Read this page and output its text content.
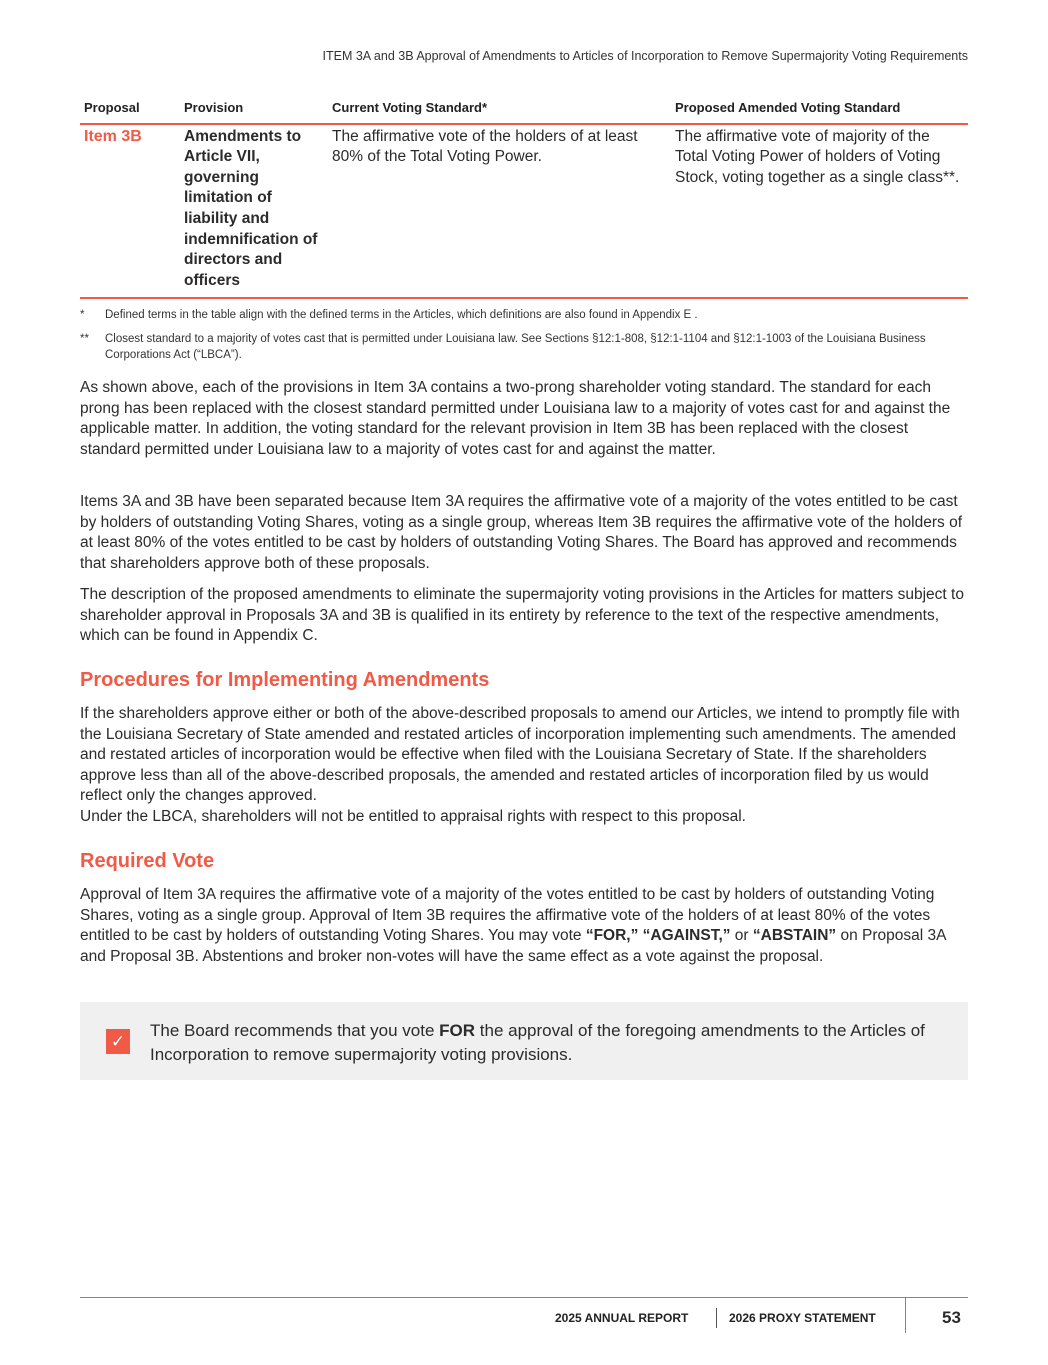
ITEM 3A and 3B Approval of Amendments to Articles of Incorporation to Remove Supermajority Voting Requirements
Proposal	Provision	Current Voting Standard*	Proposed Amended Voting Standard
Item 3B	Amendments to Article VII, governing limitation of liability and indemnification of directors and officers	The affirmative vote of the holders of at least 80% of the Total Voting Power.	The affirmative vote of majority of the Total Voting Power of holders of Voting Stock, voting together as a single class**.
*	Defined terms in the table align with the defined terms in the Articles, which definitions are also found in Appendix E .
**	Closest standard to a majority of votes cast that is permitted under Louisiana law. See Sections §12:1-808, §12:1-1104 and §12:1-1003 of the Louisiana Business Corporations Act (“LBCA”).

As shown above, each of the provisions in Item 3A contains a two-prong shareholder voting standard. The standard for each prong has been replaced with the closest standard permitted under Louisiana law to a majority of votes cast for and against the applicable matter. In addition, the voting standard for the relevant provision in Item 3B has been replaced with the closest standard permitted under Louisiana law to a majority of votes cast for and against the matter.

Items 3A and 3B have been separated because Item 3A requires the affirmative vote of a majority of the votes entitled to be cast by holders of outstanding Voting Shares, voting as a single group, whereas Item 3B requires the affirmative vote of the holders of at least 80% of the votes entitled to be cast by holders of outstanding Voting Shares. The Board has approved and recommends that shareholders approve both of these proposals.

The description of the proposed amendments to eliminate the supermajority voting provisions in the Articles for matters subject to shareholder approval in Proposals 3A and 3B is qualified in its entirety by reference to the text of the respective amendments, which can be found in Appendix C.

Procedures for Implementing Amendments

If the shareholders approve either or both of the above-described proposals to amend our Articles, we intend to promptly file with the Louisiana Secretary of State amended and restated articles of incorporation implementing such amendments. The amended and restated articles of incorporation would be effective when filed with the Louisiana Secretary of State. If the shareholders approve less than all of the above-described proposals, the amended and restated articles of incorporation filed by us would reflect only the changes approved.

Under the LBCA, shareholders will not be entitled to appraisal rights with respect to this proposal.

Required Vote

Approval of Item 3A requires the affirmative vote of a majority of the votes entitled to be cast by holders of outstanding Voting Shares, voting as a single group. Approval of Item 3B requires the affirmative vote of the holders of at least 80% of the votes entitled to be cast by holders of outstanding Voting Shares. You may vote “FOR,” “AGAINST,” or “ABSTAIN” on Proposal 3A and Proposal 3B. Abstentions and broker non-votes will have the same effect as a vote against the proposal.

✓
The Board recommends that you vote FOR the approval of the foregoing amendments to the Articles of Incorporation to remove supermajority voting provisions.
2025 ANNUAL REPORT	2026 PROXY STATEMENT	53
